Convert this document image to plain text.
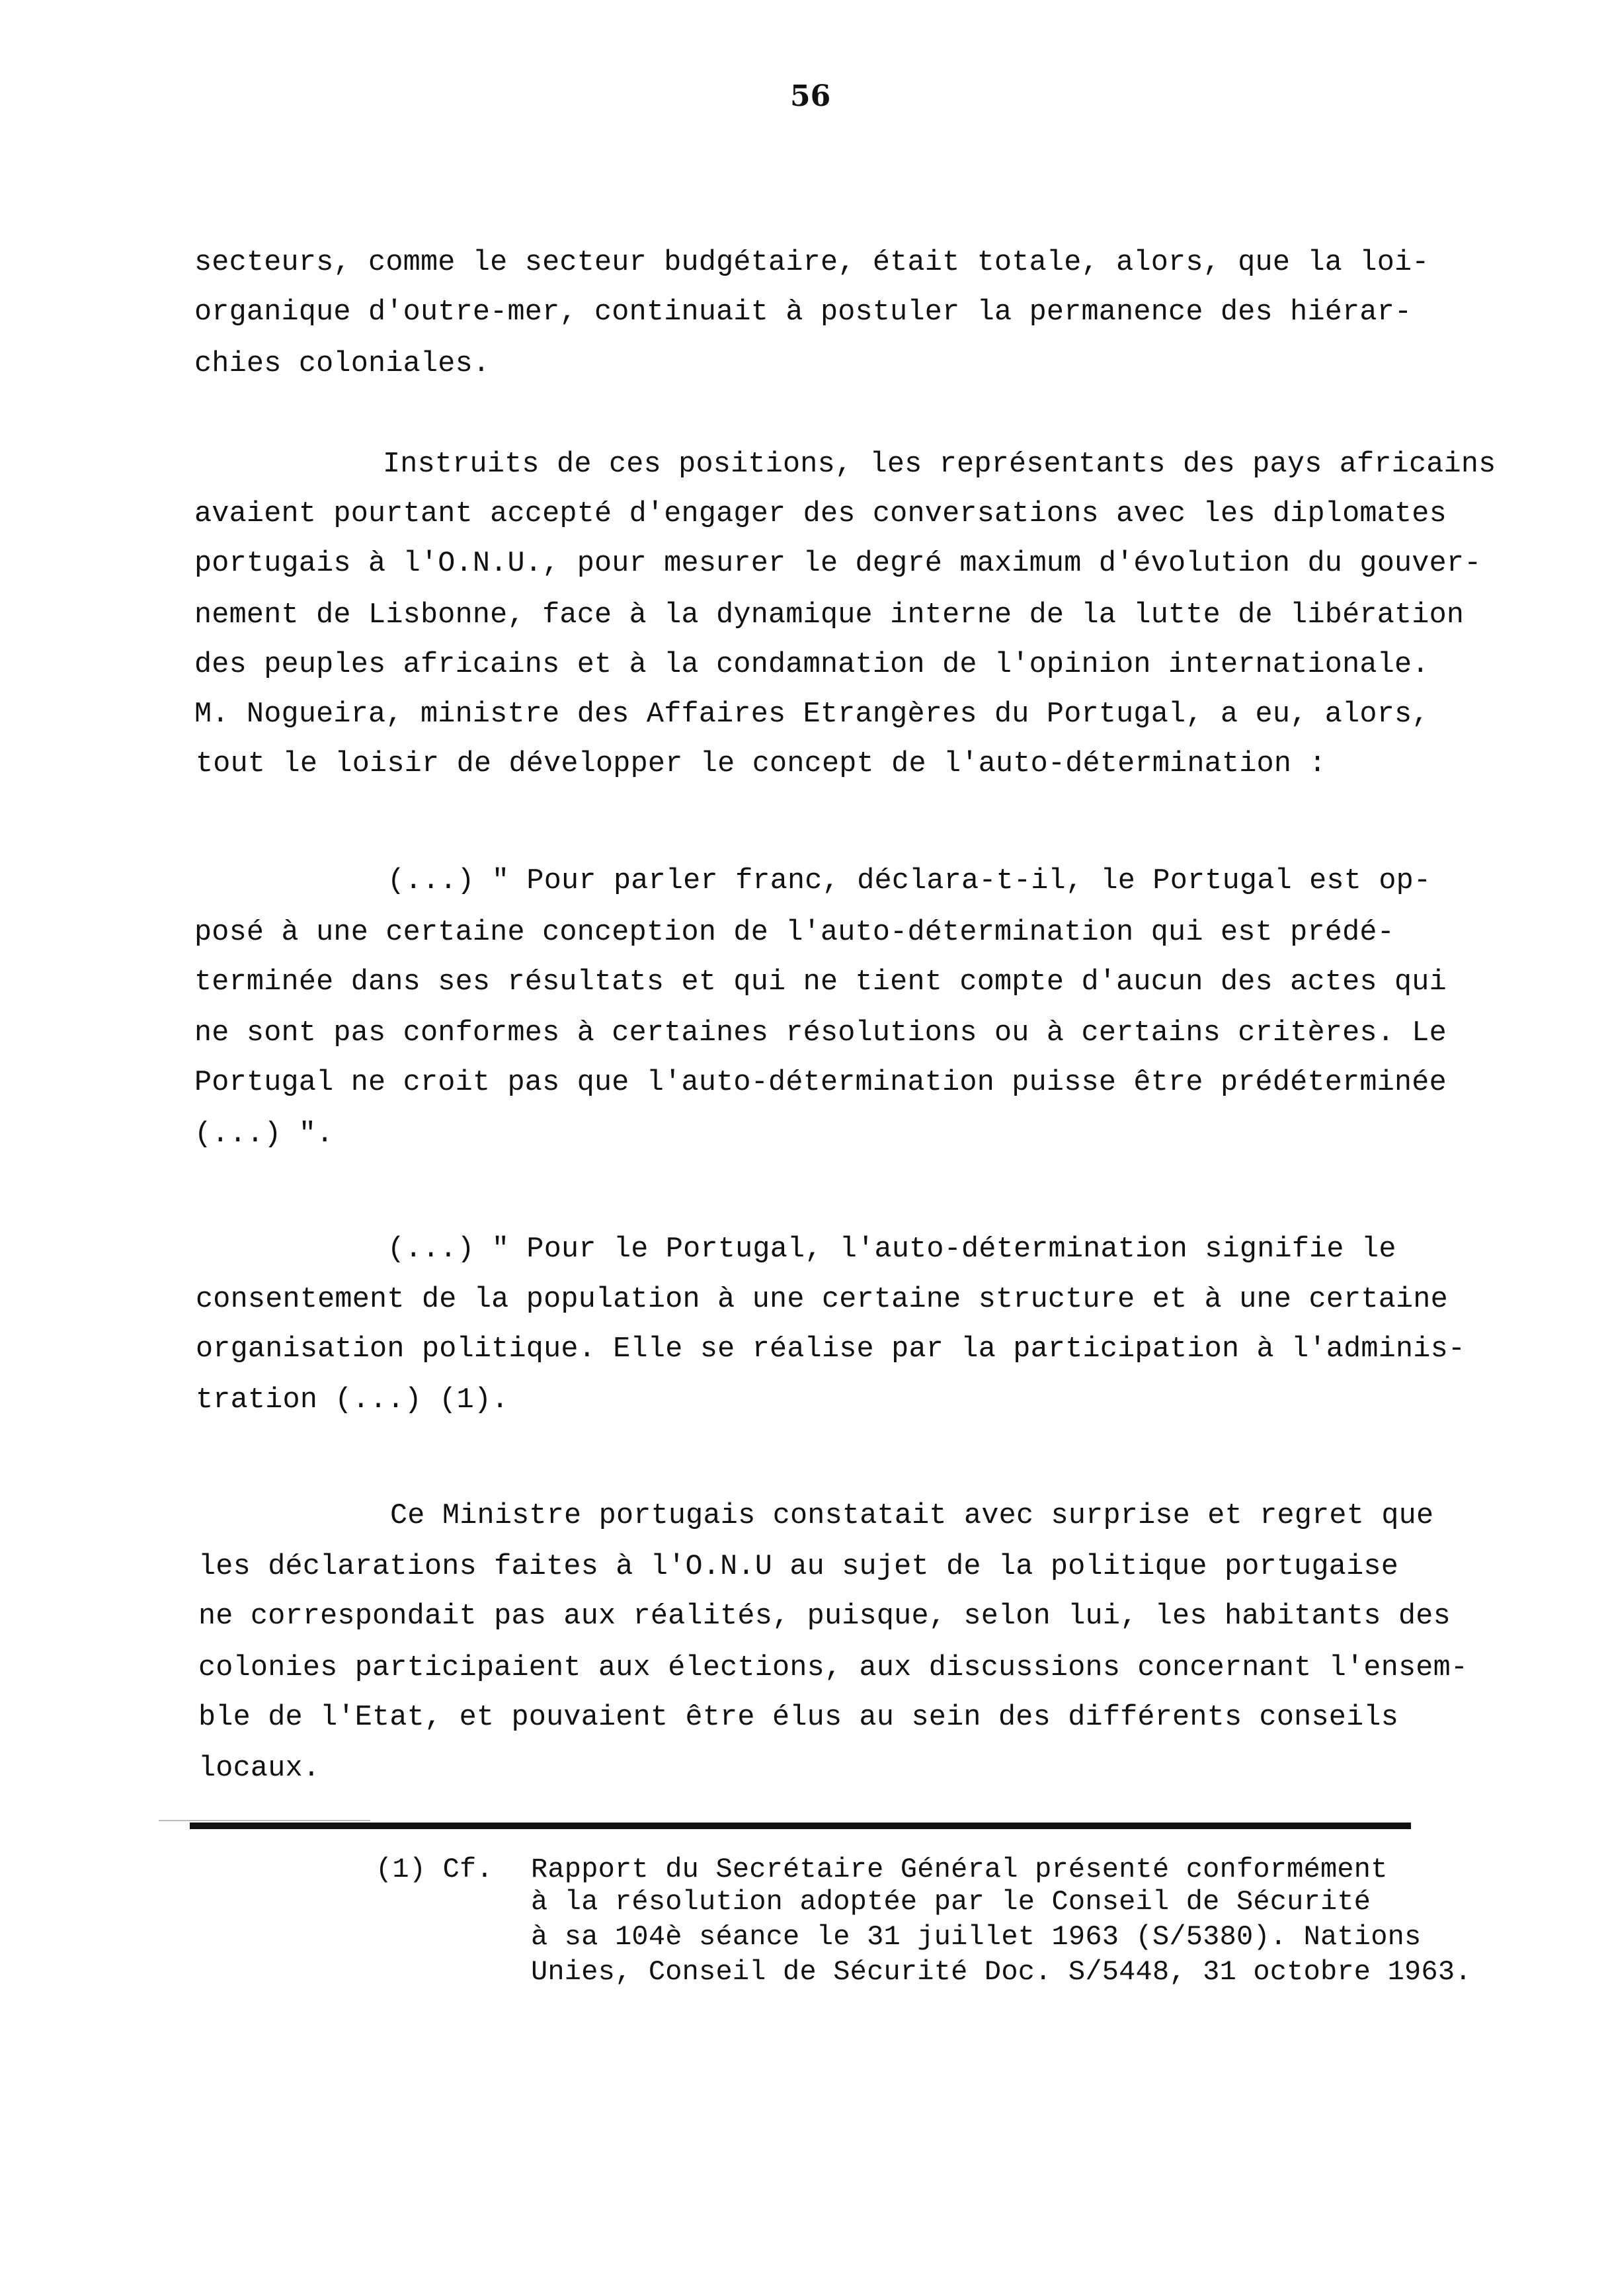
56
secteurs, comme le secteur budgétaire, était totale, alors, que la loi-
organique d'outre-mer, continuait à postuler la permanence des hiérar-
chies coloniales.
Instruits de ces positions, les représentants des pays africains
avaient pourtant accepté d'engager des conversations avec les diplomates
portugais à l'O.N.U., pour mesurer le degré maximum d'évolution du gouver-
nement de Lisbonne, face à la dynamique interne de la lutte de libération
des peuples africains et à la condamnation de l'opinion internationale.
M. Nogueira, ministre des Affaires Etrangères du Portugal, a eu, alors,
tout le loisir de développer le concept de l'auto-détermination :
(...) " Pour parler franc, déclara-t-il, le Portugal est op-
posé à une certaine conception de l'auto-détermination qui est prédé-
terminée dans ses résultats et qui ne tient compte d'aucun des actes qui
ne sont pas conformes à certaines résolutions ou à certains critères. Le
Portugal ne croit pas que l'auto-détermination puisse être prédéterminée
(...) ".
(...) " Pour le Portugal, l'auto-détermination signifie le
consentement de la population à une certaine structure et à une certaine
organisation politique. Elle se réalise par la participation à l'adminis-
tration (...) (1).
Ce Ministre portugais constatait avec surprise et regret que
les déclarations faites à l'O.N.U au sujet de la politique portugaise
ne correspondait pas aux réalités, puisque, selon lui, les habitants des
colonies participaient aux élections, aux discussions concernant l'ensem-
ble de l'Etat, et pouvaient être élus au sein des différents conseils
locaux.
(1) Cf. Rapport du Secrétaire Général présenté conformément
à la résolution adoptée par le Conseil de Sécurité
à sa 104è séance le 31 juillet 1963 (S/5380). Nations
Unies, Conseil de Sécurité Doc. S/5448, 31 octobre 1963.
